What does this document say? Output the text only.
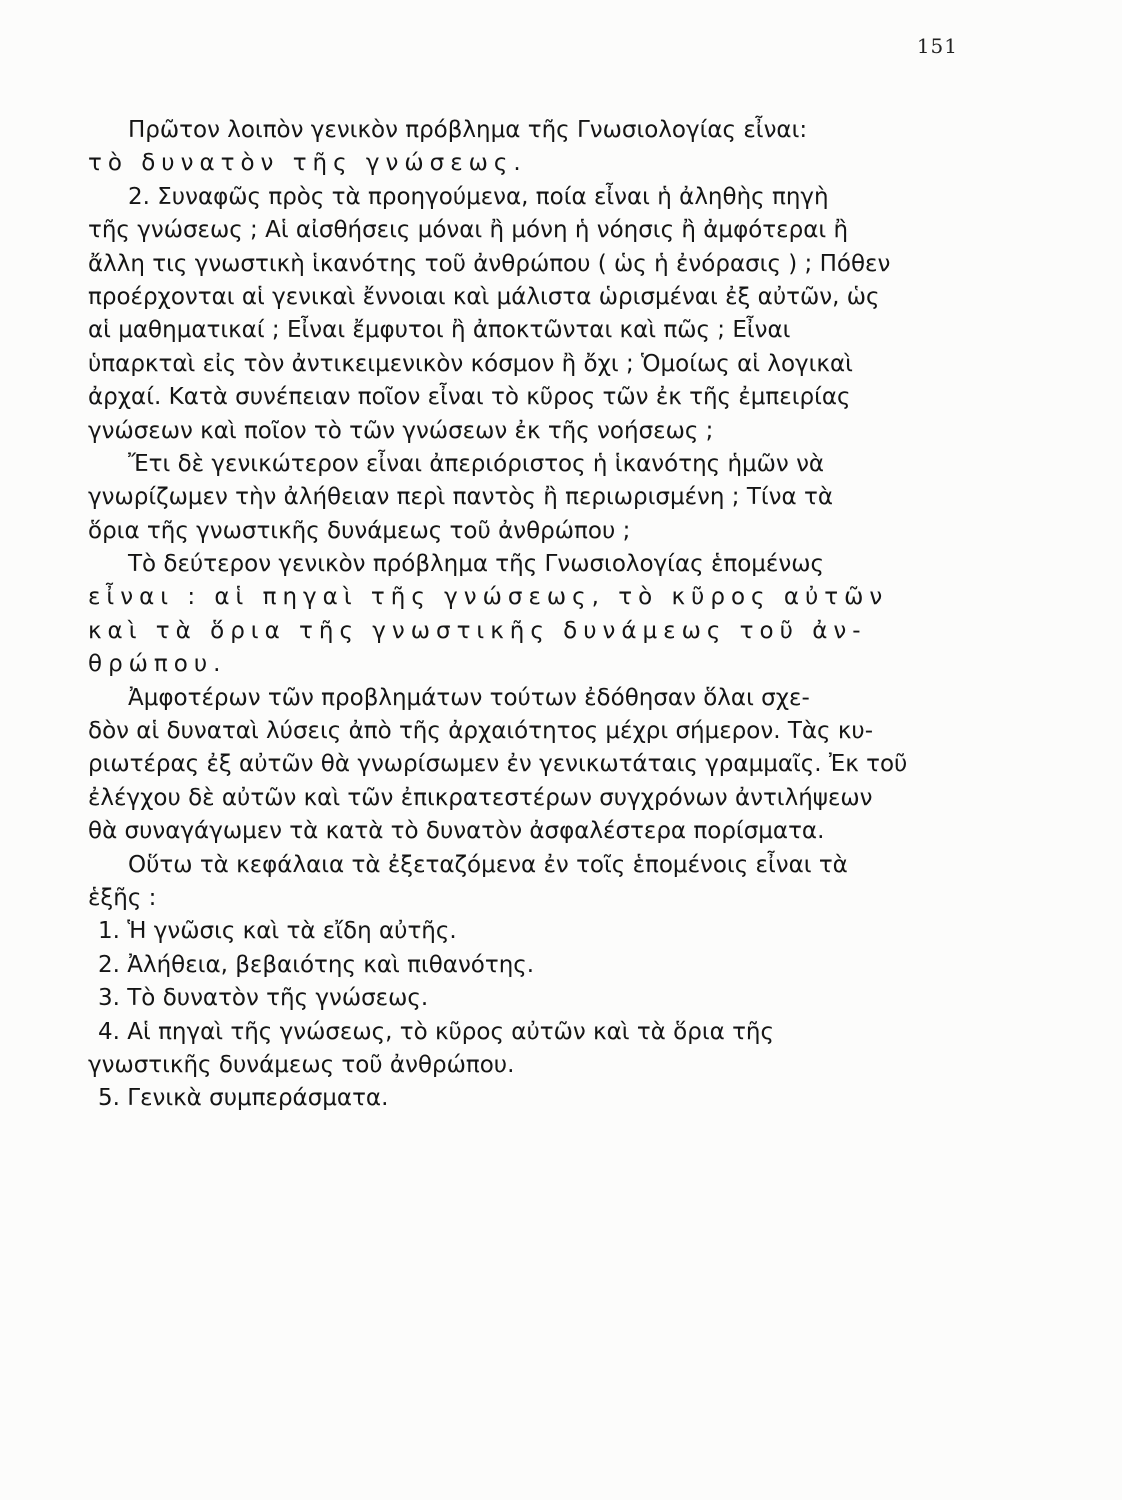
151
Πρῶτον λοιπὸν γενικὸν πρόβλημα τῆς Γνωσιολογίας εἶναι:
τὸ δυνατὸν τῆς γνώσεως.
2. Συναφῶς πρὸς τὰ προηγούμενα, ποία εἶναι ἡ ἀληθὴς πηγὴ
τῆς γνώσεως ; Αἱ αἰσθήσεις μόναι ἢ μόνη ἡ νόησις ἢ ἀμφότεραι ἢ
ἄλλη τις γνωστικὴ ἱκανότης τοῦ ἀνθρώπου ( ὡς ἡ ἐνόρασις ) ; Πόθεν
προέρχονται αἱ γενικαὶ ἔννοιαι καὶ μάλιστα ὡρισμέναι ἐξ αὐτῶν, ὡς
αἱ μαθηματικαί ; Εἶναι ἔμφυτοι ἢ ἀποκτῶνται καὶ πῶς ; Εἶναι
ὑπαρκταὶ εἰς τὸν ἀντικειμενικὸν κόσμον ἢ ὄχι ; Ὁμοίως αἱ λογικαὶ
ἀρχαί. Κατὰ συνέπειαν ποῖον εἶναι τὸ κῦρος τῶν ἐκ τῆς ἐμπειρίας
γνώσεων καὶ ποῖον τὸ τῶν γνώσεων ἐκ τῆς νοήσεως ;
Ἔτι δὲ γενικώτερον εἶναι ἀπεριόριστος ἡ ἱκανότης ἡμῶν νὰ
γνωρίζωμεν τὴν ἀλήθειαν περὶ παντὸς ἢ περιωρισμένη ; Τίνα τὰ
ὅρια τῆς γνωστικῆς δυνάμεως τοῦ ἀνθρώπου ;
Τὸ δεύτερον γενικὸν πρόβλημα τῆς Γνωσιολογίας ἑπομένως
εἶναι : αἱ πηγαὶ τῆς γνώσεως, τὸ κῦρος αὐτῶν
καὶ τὰ ὅρια τῆς γνωστικῆς δυνάμεως τοῦ ἀν-
θρώπου.
Ἀμφοτέρων τῶν προβλημάτων τούτων ἐδόθησαν ὅλαι σχε-
δὸν αἱ δυναταὶ λύσεις ἀπὸ τῆς ἀρχαιότητος μέχρι σήμερον. Τὰς κυ-
ριωτέρας ἐξ αὐτῶν θὰ γνωρίσωμεν ἐν γενικωτάταις γραμμαῖς. Ἐκ τοῦ
ἐλέγχου δὲ αὐτῶν καὶ τῶν ἐπικρατεστέρων συγχρόνων ἀντιλήψεων
θὰ συναγάγωμεν τὰ κατὰ τὸ δυνατὸν ἀσφαλέστερα πορίσματα.
Οὕτω τὰ κεφάλαια τὰ ἐξεταζόμενα ἐν τοῖς ἑπομένοις εἶναι τὰ
ἑξῆς :
1. Ἡ γνῶσις καὶ τὰ εἴδη αὐτῆς.
2. Ἀλήθεια, βεβαιότης καὶ πιθανότης.
3. Τὸ δυνατὸν τῆς γνώσεως.
4. Αἱ πηγαὶ τῆς γνώσεως, τὸ κῦρος αὐτῶν καὶ τὰ ὅρια τῆς
γνωστικῆς δυνάμεως τοῦ ἀνθρώπου.
5. Γενικὰ συμπεράσματα.
